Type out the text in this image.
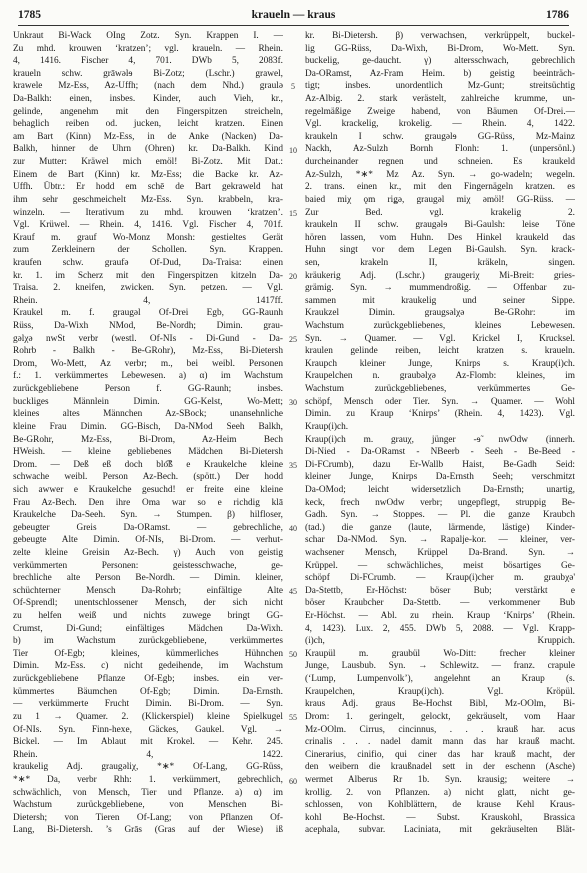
1785	krauеln — kraus	1786
Unkraut Bi-Wack OIng Zotz. Syn. Krappen I. —
Zu mhd. krouwen ‘kratzen’; vgl. krauеln. — Rhein.
4, 1416. Fischer 4, 701. DWb 5, 2083f.
krauеln schw. grāwəlɘ Bi-Zotz; (Lschr.) grawel,
krawele Mz-Ess, Az-Uffh; (nach dem Nhd.) graulə
Da-Balkh: einen, insbes. Kinder, auch Vieh, kr.,
gelinde, angenehm mit den Fingerspitzen streicheln,
behaglich reiben od. jucken, leicht kratzen. Einen
am Bart (Kinn) Mz-Ess, in de Anke (Nacken) Da-
Balkh, hinner de Uhrn (Ohren) kr. Da-Balkh. Kind
zur Mutter: Kräwel mich emöl! Bi-Zotz. Mit Dat.:
Einem de Bart (Kinn) kr. Mz-Ess; die Backe kr. Az-
Uffh. Übtr.: Er hodd em schē de Bart gekraweld hat
ihm sehr geschmeichelt Mz-Ess. Syn. krabbeln, kra-
winzeln. — Iterativum zu mhd. krouwen ‘kratzen’.
Vgl. Krüwel. — Rhein. 4, 1416. Vgl. Fischer 4, 701f.
Krauf m. grauf Wo-Monz Monsh: gestieltes Gerät
zum Zerkleinern der Schollen. Syn. Krappen.
kraufen schw. graufə Of-Dud, Da-Traisa: einen
kr. 1. im Scherz mit den Fingerspitzen kitzeln Da-
Traisa. 2. kneifen, zwicken. Syn. petzen. — Vgl.
Rhein. 4, 1417ff.
Kraukel m. f. graugəl Of-Drei Egb, GG-Raunh
Rüss, Da-Wixh NMod, Be-Nordh; Dimin. grau-
gəlχə nwSt verbr (westl. Of-NIs - Di-Gund - Da-
Rohrb - Balkh - Be-GRohr), Mz-Ess, Bi-Dietersh
Drom, Wo-Mett, Az verbr; m., bei weibl. Personen
f.: 1. verkümmertes Lebewesen. a) α) im Wachstum
zurückgebliebene Person f. GG-Raunh; insbes.
buckliges Männlein Dimin. GG-Kelst, Wo-Mett;
kleines altes Männchen Az-SBock; unansehnliche
kleine Frau Dimin. GG-Bisch, Da-NMod Seeh Balkh,
Be-GRohr, Mz-Ess, Bi-Drom, Az-Heim Bech
HWeish. — kleine gebliebenes Mädchen Bi-Dietersh
Drom. — Deß eß doch blo͡ß e Kraukelche kleine
schwache weibl. Person Az-Bech. (spött.) Der hodd
sich awwer e Kraukelche gesuchd! er freite eine kleine
Frau Az-Bech. Den ihre Oma war so e richdig klā
Kraukelche Da-Seeh. Syn. → Stumpen. β) hilfloser,
gebeugter Greis Da-ORamst. — gebrechliche,
gebeugte Alte Dimin. Of-NIs, Bi-Drom. — verhut-
zelte kleine Greisin Az-Bech. γ) Auch von geistig
verkümmerten Personen: geistesschwache, ge-
brechliche alte Person Be-Nordh. — Dimin. kleiner,
schüchterner Mensch Da-Rohrb; einfältige Alte
Of-Sprendl; unentschlossener Mensch, der sich nicht
zu helfen weiß und nichts zuwege bringt GG-
Crumst, Di-Gund; einfältiges Mädchen Da-Wixh.
b) im Wachstum zurückgebliebene, verkümmertes
Tier Of-Egb; kleines, kümmerliches Hühnchen
Dimin. Mz-Ess. c) nicht gedeihende, im Wachstum
zurückgebliebene Pflanze Of-Egb; insbes. ein ver-
kümmertes Bäumchen Of-Egb; Dimin. Da-Ernsth.
— verkümmerte Frucht Dimin. Bi-Drom. — Syn.
zu 1 → Quamer. 2. (Klickerspiel) kleine Spielkugel
Of-NIs. Syn. Finn-hexe, Gäckes, Gaukel. Vgl. →
Bickel. — Im Ablaut mit Krokel. — Kehr. 245.
Rhein. 4, 1422.
kraukelig Adj. graugəliχ, *∗* Of-Lang, GG-Rüss,
*∗* Da, verbr Rhh: 1. verkümmert, gebrechlich,
schwächlich, von Mensch, Tier und Pflanze. a) α) im
Wachstum zurückgebliebene, von Menschen Bi-
Dietersh; von Tieren Of-Lang; von Pflanzen Of-
Lang, Bi-Dietersh. ’s Grās (Gras auf der Wiese) iß
kr. Bi-Dietersh. β) verwachsen, verkrüppelt, buckel-
lig GG-Rüss, Da-Wixh, Bi-Drom, Wo-Mett. Syn.
buckelig, ge-daucht. γ) altersschwach, gebrechlich
Da-ORamst, Az-Fram Heim. b) geistig beeinträch-
tigt; insbes. unordentlich Mz-Gunt; streitsüchtig
Az-Albig. 2. stark verästelt, zahlreiche krumme, un-
regelmäßige Zweige habend, von Bäumen Of-Drei.—
Vgl. krackelig, krokelig. — Rhein. 4, 1422.
kraukeln I schw. graugəlɘ GG-Rüss, Mz-Mainz
Nackh, Az-Sulzh Bornh Flonh: 1. (unpersönl.)
durcheinander regnen und schneien. Es kraukeld
Az-Sulzh, *∗* Mz Az. Syn. → go-wadeln; wegeln.
2. trans. einen kr., mit den Fingernägeln kratzen. es
baied miχ ǫm riǥə, graugəl miχ əmöl! GG-Rüss. —
Zur Bed. vgl. krakelig 2.
kraukeln II schw. graugəlɘ Bi-Gaulsh: leise Töne
hören lassen, vom Huhn. Des Hinkel kraukeld das
Huhn singt vor dem Legen Bi-Gaulsh. Syn. krack-
sen, krakeln II, kräkeln, singen.
kräukerig Adj. (Lschr.) graugeriχ Mi-Breit: gries-
grämig. Syn. → mummendroßig. — Offenbar zu-
sammen mit kraukelig und seiner Sippe.
Kraukzel Dimin. graugsəlχə Be-GRohr: im
Wachstum zurückgebliebenes, kleines Lebewesen.
Syn. → Quamer. — Vgl. Krickel I, Krucksel.
kraulen gelinde reiben, leicht kratzen s. krauеln.
Kraupch kleiner Junge, Knirps s. Kraup(i)ch.
Kraupelchen n. graubəlχə Az-Flomb: kleines, im
Wachstum zurückgebliebenes, verkümmertes Ge-
schöpf, Mensch oder Tier. Syn. → Quamer. — Wohl
Dimin. zu Kraup ‘Knirps’ (Rhein. 4, 1423). Vgl.
Kraup(i)ch.
Kraup(i)ch m. grauχ, jünger -ɘ̃ nwOdw (innerh.
Di-Nied - Da-ORamst - NBeerb - Seeh - Be-Beed -
Di-FCrumb), dazu Er-Wallb Haist, Be-Gadh Seid:
kleiner Junge, Knirps Da-Ernsth Seeh; verschmitzt
Da-OMod; leicht widersetzlich Da-Ernsth; unartig,
keck, frech nwOdw verbr; ungepflegt, struppig Be-
Gadh. Syn. → Stoppes. — Pl. die ganze Kraubch
(tad.) die ganze (laute, lärmende, lästige) Kinder-
schar Da-NMod. Syn. → Rapalje-kor. — kleiner, ver-
wachsener Mensch, Krüppel Da-Brand. Syn. →
Krüppel. — schwächliches, meist bösartiges Ge-
schöpf Di-FCrumb. — Kraup(i)cher m. graubχə'
Da-Stettb, Er-Höchst: böser Bub; verstärkt e
böser Kraubcher Da-Stettb. — verkommener Bub
Er-Höchst. — Abl. zu rhein. Kraup ‘Knirps’ (Rhein.
4, 1423). Lux. 2, 455. DWb 5, 2088. — Vgl. Krapp-
(i)ch, Kruppich.
Kraupül m. graubül Wo-Ditt: frecher kleiner
Junge, Lausbub. Syn. → Schlewitz. — franz. crapule
(‘Lump, Lumpenvolk’), angelehnt an Kraup (s.
Kraupelchen, Kraup(i)ch). Vgl. Kröpül.
kraus Adj. graus Be-Hochst Bibl, Mz-OOlm, Bi-
Drom: 1. geringelt, gelockt, gekräuselt, vom Haar
Mz-OOlm. Cirrus, cincinnus, . . . krauß har. acus
crinalis . . . nadel damit mann das har krauß macht.
Cinerarius, cinifio, qui ciner das har krauß macht, der
den weibern die kraußnadel sett in der eschenn (Asche)
wermet Alberus Rr 1b. Syn. krausig; weitere →
krollig. 2. von Pflanzen. a) nicht glatt, nicht ge-
schlossen, von Kohlblättern, de krause Kehl Kraus-
kohl Be-Hochst. — Subst. Krauskohl, Brassica
acephala, subvar. Laciniata, mit gekräuselten Blät-
5
10
15
20
25
30
35
40
45
50
55
60
